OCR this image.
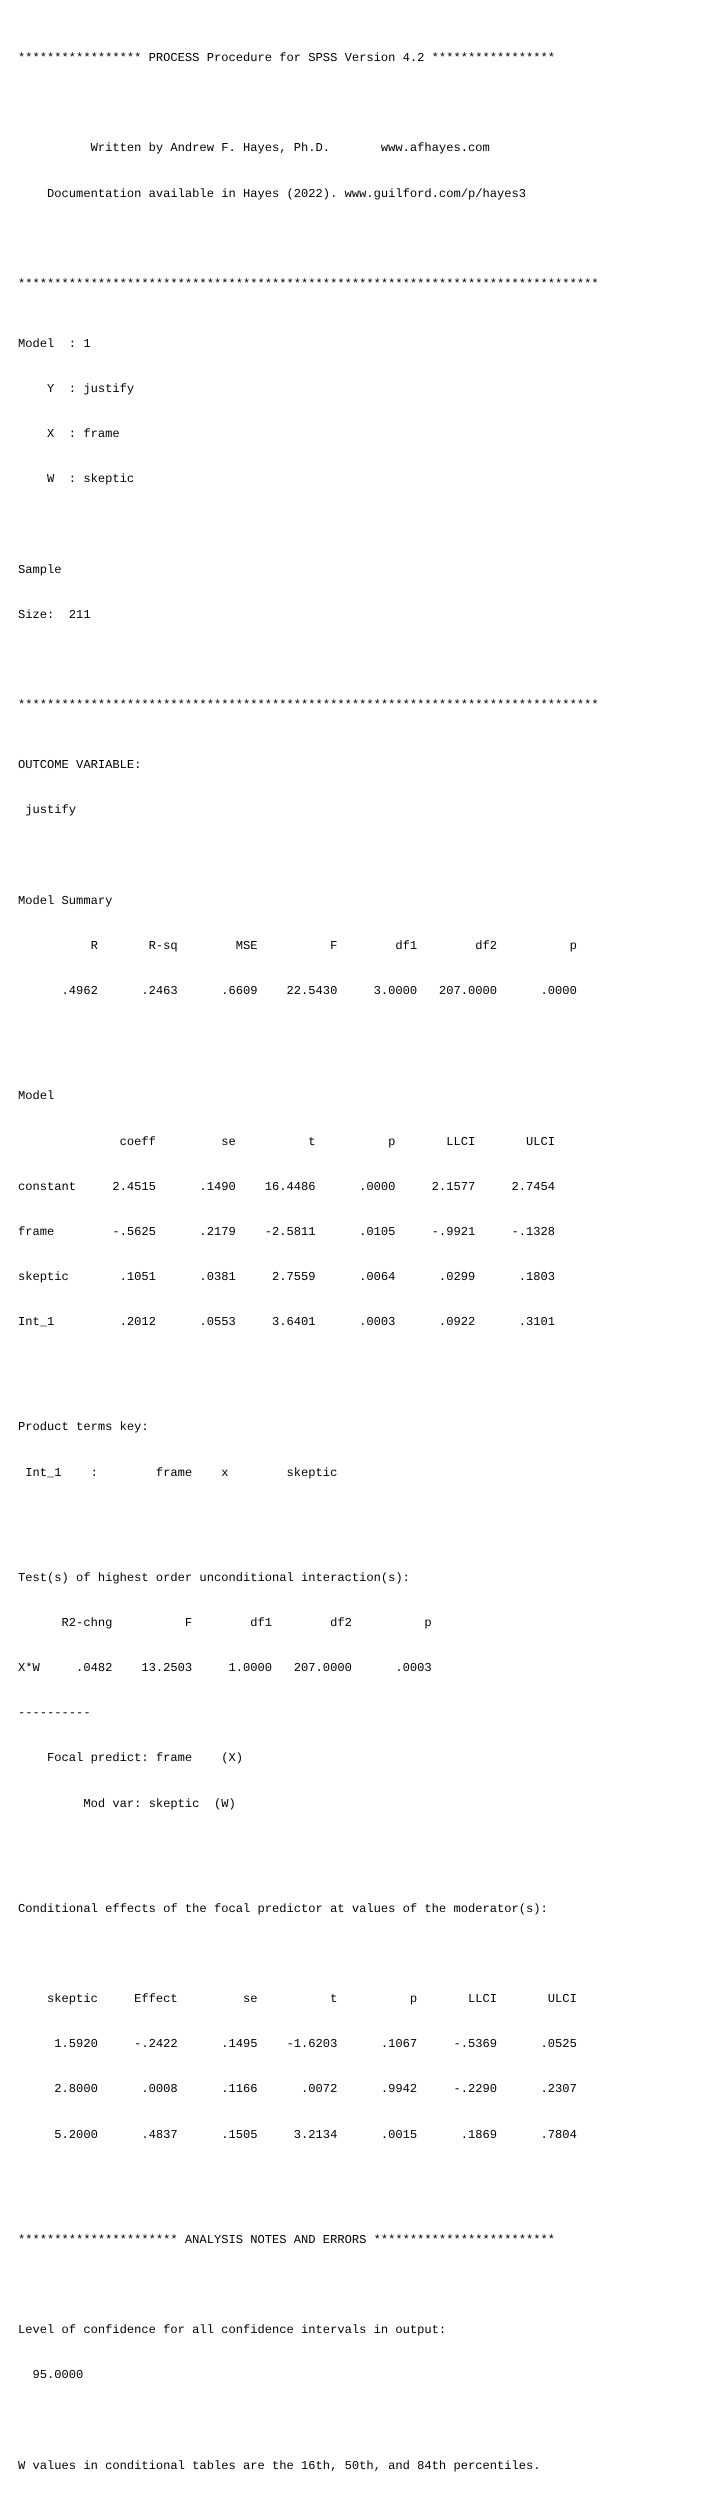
***************** PROCESS Procedure for SPSS Version 4.2 *****************

Written by Andrew F. Hayes, Ph.D.       www.afhayes.com

Documentation available in Hayes (2022). www.guilford.com/p/hayes3

********************************************************************************

Model  : 1

Y  : justify

X  : frame

W  : skeptic

Sample

Size:  211

********************************************************************************

OUTCOME VARIABLE:

justify

Model Summary

R       R-sq        MSE          F        df1        df2          p

.4962      .2463      .6609    22.5430     3.0000   207.0000      .0000

Model

coeff         se          t          p       LLCI       ULCI

constant     2.4515      .1490    16.4486      .0000     2.1577     2.7454

frame        -.5625      .2179    -2.5811      .0105     -.9921     -.1328

skeptic       .1051      .0381     2.7559      .0064      .0299      .1803

Int_1         .2012      .0553     3.6401      .0003      .0922      .3101

Product terms key:

Int_1    :        frame    x        skeptic

Test(s) of highest order unconditional interaction(s):

R2-chng          F        df1        df2          p

X*W     .0482    13.2503     1.0000   207.0000      .0003

----------

Focal predict: frame    (X)

Mod var: skeptic  (W)

Conditional effects of the focal predictor at values of the moderator(s):

skeptic     Effect         se          t          p       LLCI       ULCI

1.5920     -.2422      .1495    -1.6203      .1067     -.5369      .0525

2.8000      .0008      .1166      .0072      .9942     -.2290      .2307

5.2000      .4837      .1505     3.2134      .0015      .1869      .7804

********************** ANALYSIS NOTES AND ERRORS *************************

Level of confidence for all confidence intervals in output:

95.0000

W values in conditional tables are the 16th, 50th, and 84th percentiles.
